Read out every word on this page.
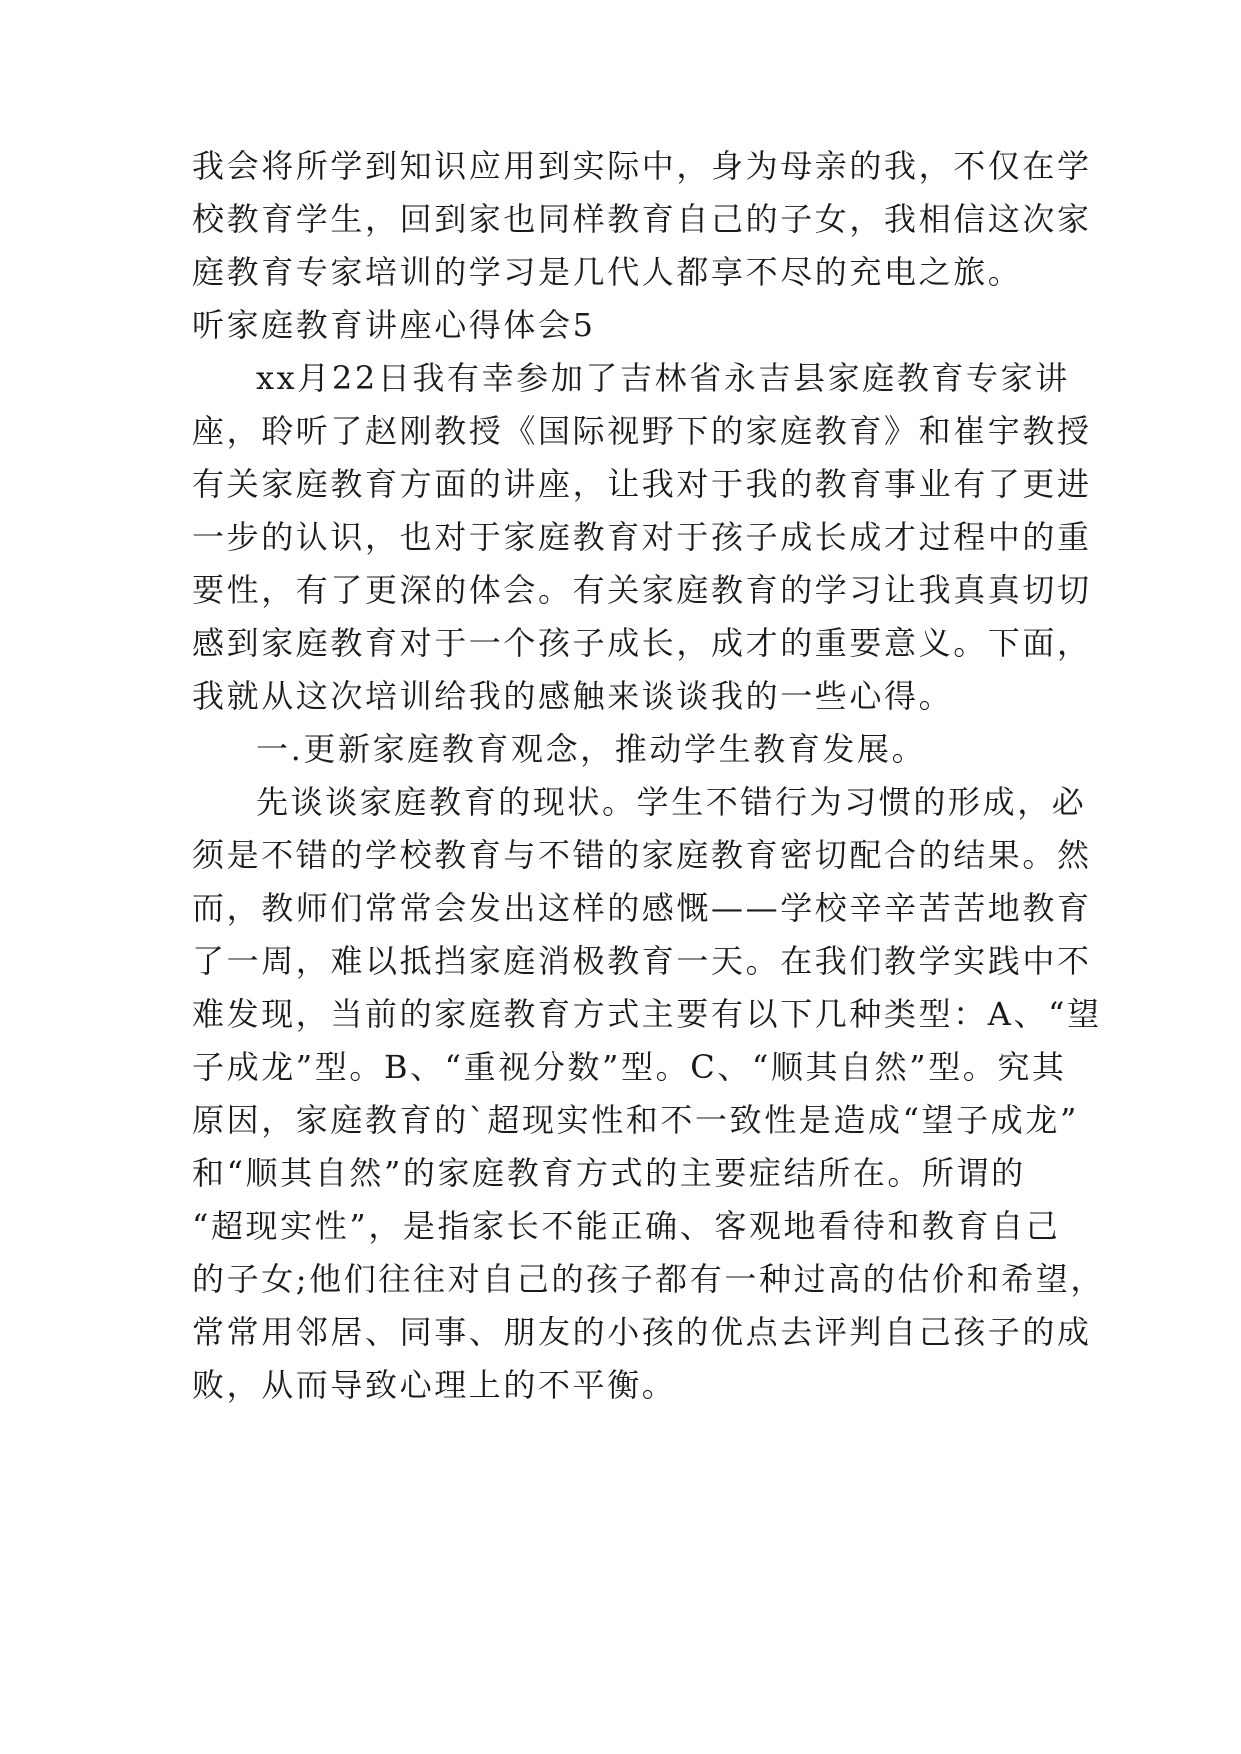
我会将所学到知识应用到实际中，身为母亲的我，不仅在学
校教育学生，回到家也同样教育自己的子女，我相信这次家
庭教育专家培训的学习是几代人都享不尽的充电之旅。
听家庭教育讲座心得体会5
xx月22日我有幸参加了吉林省永吉县家庭教育专家讲
座，聆听了赵刚教授《国际视野下的家庭教育》和崔宇教授
有关家庭教育方面的讲座，让我对于我的教育事业有了更进
一步的认识，也对于家庭教育对于孩子成长成才过程中的重
要性，有了更深的体会。有关家庭教育的学习让我真真切切
感到家庭教育对于一个孩子成长，成才的重要意义。下面，
我就从这次培训给我的感触来谈谈我的一些心得。
一.更新家庭教育观念，推动学生教育发展。
先谈谈家庭教育的现状。学生不错行为习惯的形成，必
须是不错的学校教育与不错的家庭教育密切配合的结果。然
而，教师们常常会发出这样的感慨——学校辛辛苦苦地教育
了一周，难以抵挡家庭消极教育一天。在我们教学实践中不
难发现，当前的家庭教育方式主要有以下几种类型：A、“望
子成龙”型。B、“重视分数”型。C、“顺其自然”型。究其
原因，家庭教育的`超现实性和不一致性是造成“望子成龙”
和“顺其自然”的家庭教育方式的主要症结所在。所谓的
“超现实性”，是指家长不能正确、客观地看待和教育自己
的子女;他们往往对自己的孩子都有一种过高的估价和希望，
常常用邻居、同事、朋友的小孩的优点去评判自己孩子的成
败，从而导致心理上的不平衡。
